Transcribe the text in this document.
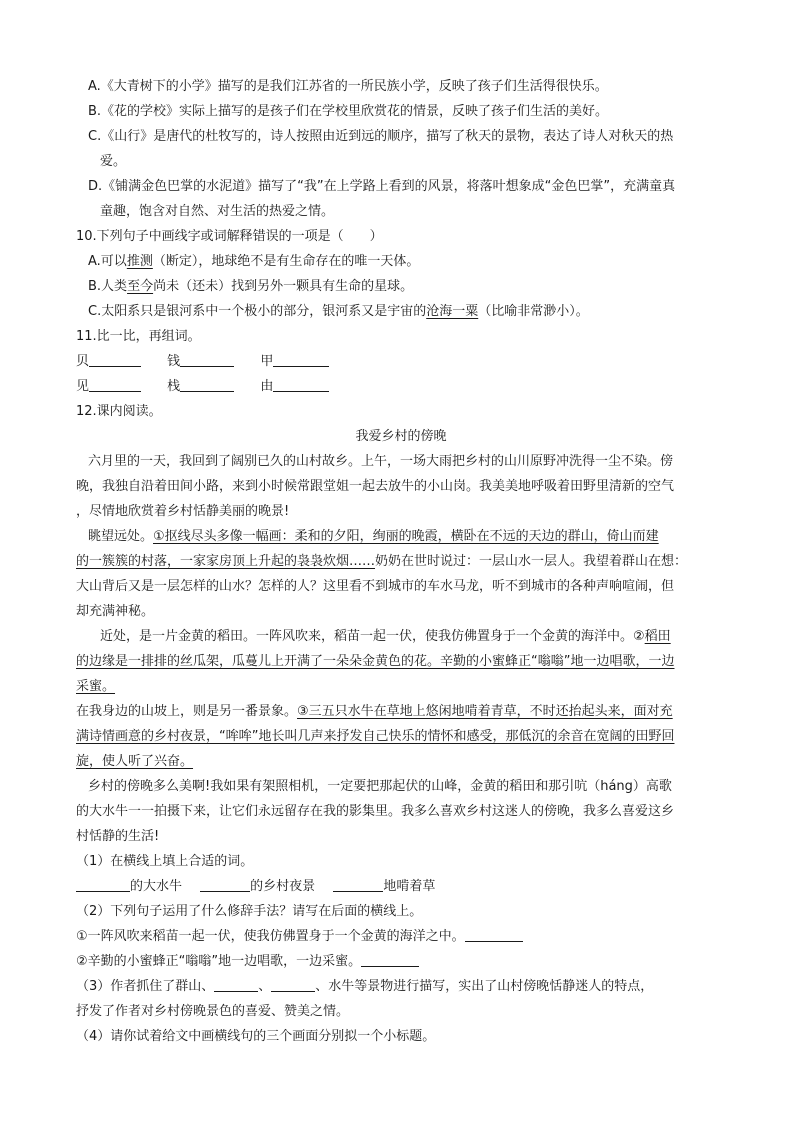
A.《大青树下的小学》描写的是我们江苏省的一所民族小学，反映了孩子们生活得很快乐。
B.《花的学校》实际上描写的是孩子们在学校里欣赏花的情景，反映了孩子们生活的美好。
C.《山行》是唐代的杜牧写的，诗人按照由近到远的顺序，描写了秋天的景物，表达了诗人对秋天的热
爱。
D.《铺满金色巴掌的水泥道》描写了“我”在上学路上看到的风景，将落叶想象成“金色巴掌”，充满童真
童趣，饱含对自然、对生活的热爱之情。
10.下列句子中画线字或词解释错误的一项是（　　）
A.可以推测（断定），地球绝不是有生命存在的唯一天体。
B.人类至今尚未（还未）找到另外一颗具有生命的星球。
C.太阳系只是银河系中一个极小的部分，银河系又是宇宙的沧海一粟（比喻非常渺小）。
11.比一比，再组词。
贝	钱	甲
见	栈	由
12.课内阅读。
我爱乡村的傍晚
六月里的一天，我回到了阔别已久的山村故乡。上午，一场大雨把乡村的山川原野冲洗得一尘不染。傍
晚，我独自沿着田间小路，来到小时候常跟堂姐一起去放牛的小山岗。我美美地呼吸着田野里清新的空气
，尽情地欣赏着乡村恬静美丽的晚景!
眺望远处。①抠线尽头多像一幅画：柔和的夕阳，绚丽的晚霞，横卧在不远的天边的群山，倚山而建
的一簇簇的村落，一家家房顶上升起的袅袅炊烟……奶奶在世时说过：一层山水一层人。我望着群山在想：
大山背后又是一层怎样的山水？怎样的人？这里看不到城市的车水马龙，听不到城市的各种声响喧闹，但
却充满神秘。
近处，是一片金黄的稻田。一阵风吹来，稻苗一起一伏，使我仿佛置身于一个金黄的海洋中。②稻田
的边缘是一排排的丝瓜架，瓜蔓儿上开满了一朵朵金黄色的花。辛勤的小蜜蜂正“嗡嗡”地一边唱歌，一边
采蜜。
在我身边的山坡上，则是另一番景象。③三五只水牛在草地上悠闲地啃着青草，不时还抬起头来，面对充
满诗情画意的乡村夜景，“哞哞”地长叫几声来抒发自己快乐的情怀和感受，那低沉的余音在宽阔的田野回
旋，使人听了兴奋。
乡村的傍晚多么美啊!我如果有架照相机，一定要把那起伏的山峰，金黄的稻田和那引吭（háng）高歌
的大水牛一一拍摄下来，让它们永远留存在我的影集里。我多么喜欢乡村这迷人的傍晚，我多么喜爱这乡
村恬静的生活!
（1）在横线上填上合适的词。
的大水牛	的乡村夜景	地啃着草
（2）下列句子运用了什么修辞手法？请写在后面的横线上。
①一阵风吹来稻苗一起一伏，使我仿佛置身于一个金黄的海洋之中。
②辛勤的小蜜蜂正“嗡嗡”地一边唱歌，一边采蜜。
（3）作者抓住了群山、	、	、水牛等景物进行描写，实出了山村傍晚恬静迷人的特点，
抒发了作者对乡村傍晚景色的喜爱、赞美之情。
（4）请你试着给文中画横线句的三个画面分别拟一个小标题。
